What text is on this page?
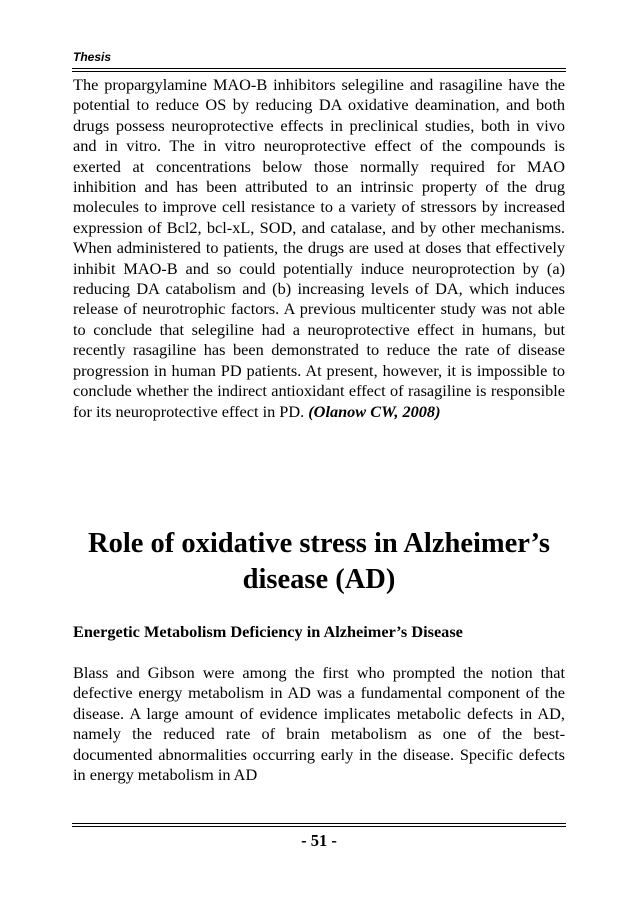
Thesis
The propargylamine MAO-B inhibitors selegiline and rasagiline have the potential to reduce OS by reducing DA oxidative deamination, and both drugs possess neuroprotective effects in preclinical studies, both in vivo and in vitro. The in vitro neuroprotective effect of the compounds is exerted at concentrations below those normally required for MAO inhibition and has been attributed to an intrinsic property of the drug molecules to improve cell resistance to a variety of stressors by increased expression of Bcl2, bcl-xL, SOD, and catalase, and by other mechanisms. When administered to patients, the drugs are used at doses that effectively inhibit MAO-B and so could potentially induce neuroprotection by (a) reducing DA catabolism and (b) increasing levels of DA, which induces release of neurotrophic factors. A previous multicenter study was not able to conclude that selegiline had a neuroprotective effect in humans, but recently rasagiline has been demonstrated to reduce the rate of disease progression in human PD patients. At present, however, it is impossible to conclude whether the indirect antioxidant effect of rasagiline is responsible for its neuroprotective effect in PD. (Olanow CW, 2008)
Role of oxidative stress in Alzheimer’s
disease (AD)
Energetic Metabolism Deficiency in Alzheimer’s Disease
Blass and Gibson were among the first who prompted the notion that defective energy metabolism in AD was a fundamental component of the disease. A large amount of evidence implicates metabolic defects in AD, namely the reduced rate of brain metabolism as one of the best-documented abnormalities occurring early in the disease. Specific defects in energy metabolism in AD
- 51 -
